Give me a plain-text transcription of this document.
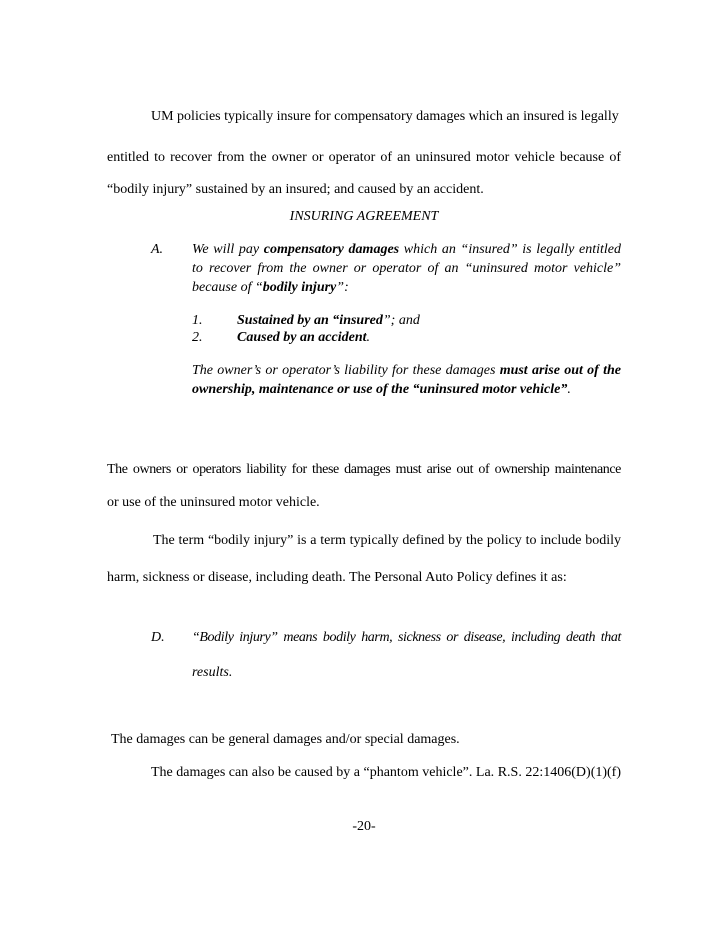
UM policies typically insure for compensatory damages which an insured is legally
entitled to recover from the owner or operator of an uninsured motor vehicle because of
“bodily injury” sustained by an insured; and caused by an accident.
INSURING AGREEMENT
A. We will pay compensatory damages which an “insured” is legally entitled
to recover from the owner or operator of an “uninsured motor vehicle”
because of “bodily injury”:
1. Sustained by an “insured”; and
2. Caused by an accident.
The owner’s or operator’s liability for these damages must arise out of the
ownership, maintenance or use of the “uninsured motor vehicle”.
The owners or operators liability for these damages must arise out of ownership maintenance
or use of the uninsured motor vehicle.
The term “bodily injury” is a term typically defined by the policy to include bodily
harm, sickness or disease, including death. The Personal Auto Policy defines it as:
D. “Bodily injury” means bodily harm, sickness or disease, including death that
results.
The damages can be general damages and/or special damages.
The damages can also be caused by a “phantom vehicle”. La. R.S. 22:1406(D)(1)(f)
-20-
